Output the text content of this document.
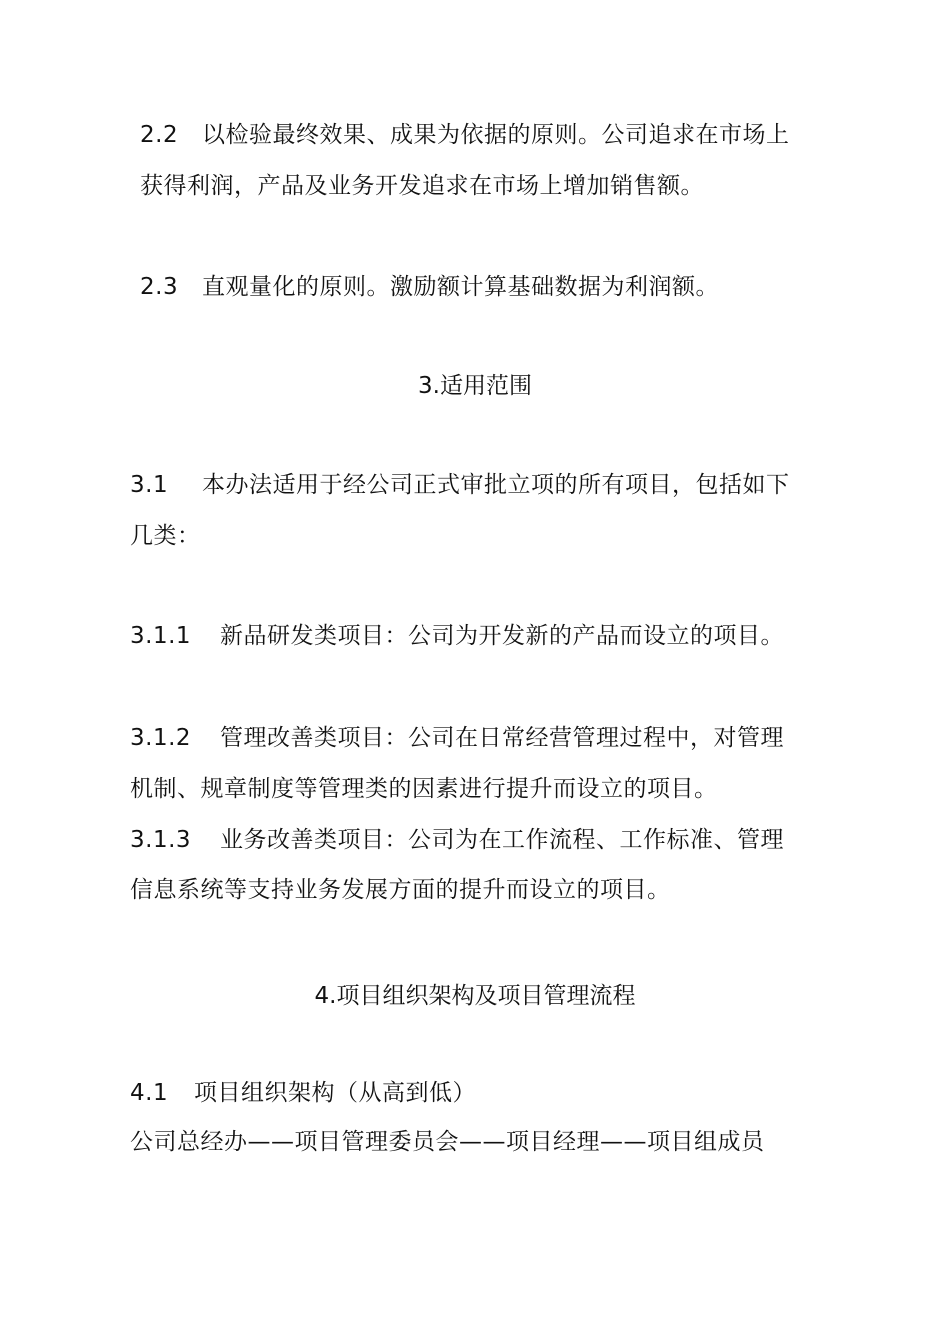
2.2 以检验最终效果、成果为依据的原则。公司追求在市场上
获得利润，产品及业务开发追求在市场上增加销售额。
2.3 直观量化的原则。激励额计算基础数据为利润额。
3.适用范围
3.1 本办法适用于经公司正式审批立项的所有项目，包括如下
几类：
3.1.1 新品研发类项目：公司为开发新的产品而设立的项目。
3.1.2 管理改善类项目：公司在日常经营管理过程中，对管理
机制、规章制度等管理类的因素进行提升而设立的项目。
3.1.3 业务改善类项目：公司为在工作流程、工作标准、管理
信息系统等支持业务发展方面的提升而设立的项目。
4.项目组织架构及项目管理流程
4.1 项目组织架构（从高到低）
公司总经办——项目管理委员会——项目经理——项目组成员
